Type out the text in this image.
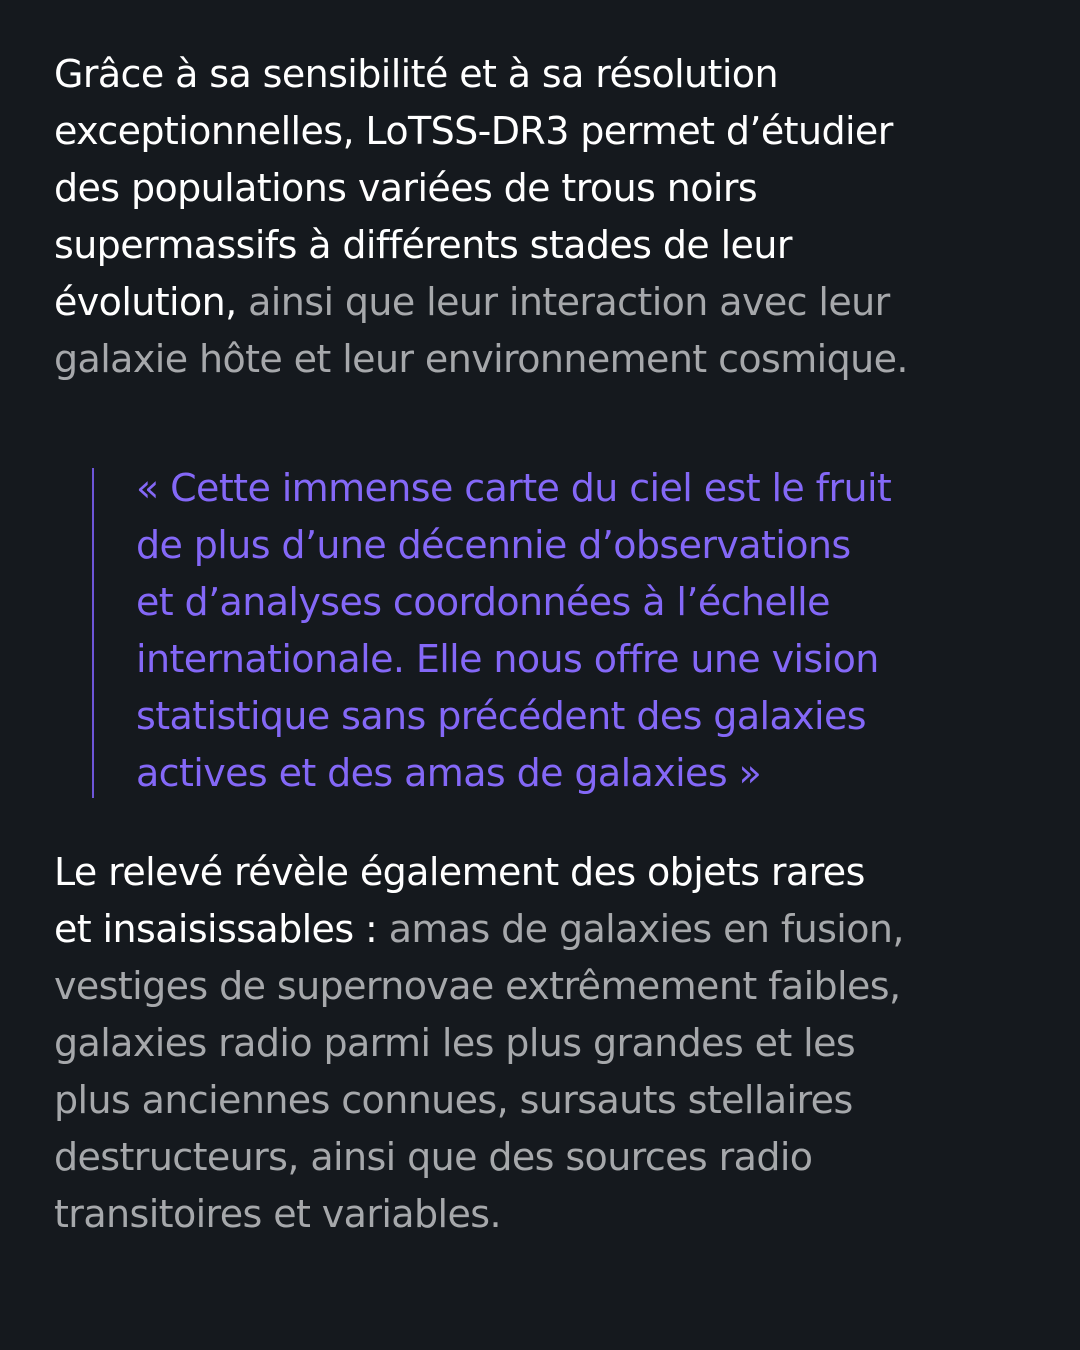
Grâce à sa sensibilité et à sa résolution
exceptionnelles, LoTSS-DR3 permet d’étudier
des populations variées de trous noirs
supermassifs à différents stades de leur
évolution, ainsi que leur interaction avec leur
galaxie hôte et leur environnement cosmique.

« Cette immense carte du ciel est le fruit
de plus d’une décennie d’observations
et d’analyses coordonnées à l’échelle
internationale. Elle nous offre une vision
statistique sans précédent des galaxies
actives et des amas de galaxies »

Le relevé révèle également des objets rares
et insaisissables : amas de galaxies en fusion,
vestiges de supernovae extrêmement faibles,
galaxies radio parmi les plus grandes et les
plus anciennes connues, sursauts stellaires
destructeurs, ainsi que des sources radio
transitoires et variables.
